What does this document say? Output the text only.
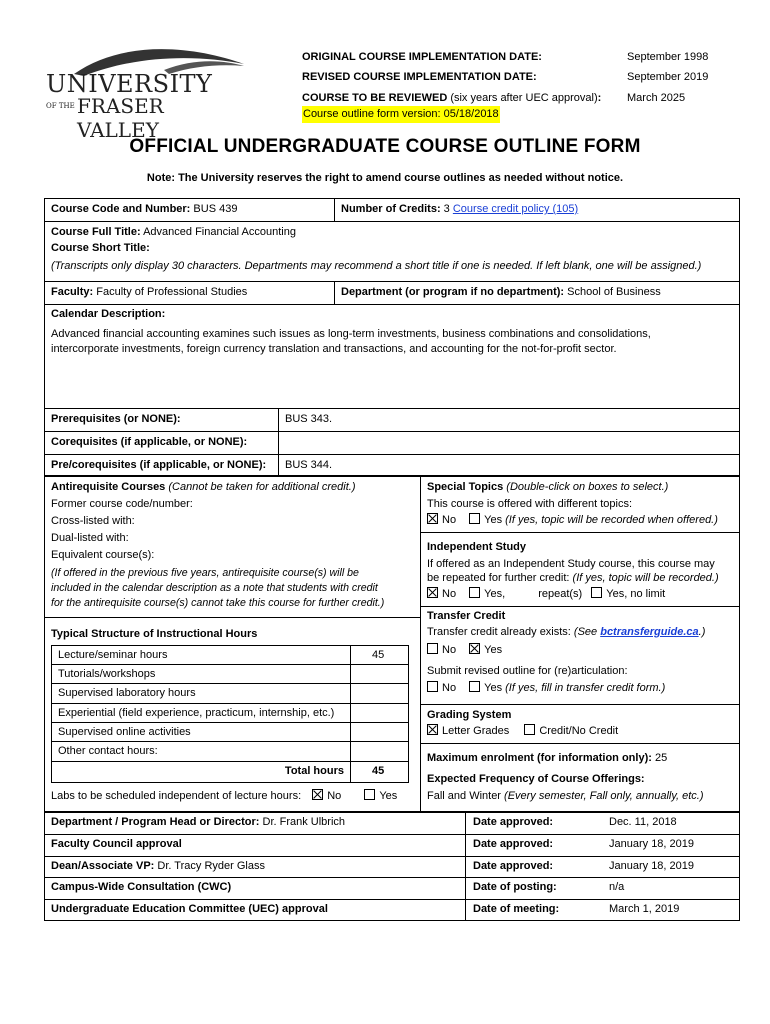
UNIVERSITY
OF THE FRASER VALLEY
ORIGINAL COURSE IMPLEMENTATION DATE:	September 1998
REVISED COURSE IMPLEMENTATION DATE:	September 2019
COURSE TO BE REVIEWED (six years after UEC approval): March 2025
Course outline form version: 05/18/2018
OFFICIAL UNDERGRADUATE COURSE OUTLINE FORM
Note: The University reserves the right to amend course outlines as needed without notice.
Course Code and Number: BUS 439	Number of Credits: 3 Course credit policy (105)
Course Full Title: Advanced Financial Accounting
Course Short Title:
(Transcripts only display 30 characters. Departments may recommend a short title if one is needed. If left blank, one will be assigned.)
Faculty: Faculty of Professional Studies	Department (or program if no department): School of Business
Calendar Description:
Advanced financial accounting examines such issues as long-term investments, business combinations and consolidations,
intercorporate investments, foreign currency translation and transactions, and accounting for the not-for-profit sector.
Prerequisites (or NONE):	BUS 343.
Corequisites (if applicable, or NONE):
Pre/corequisites (if applicable, or NONE): BUS 344.
Antirequisite Courses (Cannot be taken for additional credit.)
Former course code/number:
Cross-listed with:
Dual-listed with:
Equivalent course(s):
(If offered in the previous five years, antirequisite course(s) will be
included in the calendar description as a note that students with credit
for the antirequisite course(s) cannot take this course for further credit.)
Typical Structure of Instructional Hours
Lecture/seminar hours	45
Tutorials/workshops
Supervised laboratory hours
Experiential (field experience, practicum, internship, etc.)
Supervised online activities
Other contact hours:
Total hours	45
Labs to be scheduled independent of lecture hours: No	Yes
Special Topics (Double-click on boxes to select.)
This course is offered with different topics:
No	Yes (If yes, topic will be recorded when offered.)
Independent Study
If offered as an Independent Study course, this course may
be repeated for further credit: (If yes, topic will be recorded.)
No	Yes,	repeat(s) Yes, no limit
Transfer Credit
Transfer credit already exists: (See bctransferguide.ca.)
No	Yes
Submit revised outline for (re)articulation:
No	Yes (If yes, fill in transfer credit form.)
Grading System
Letter Grades	Credit/No Credit
Maximum enrolment (for information only): 25
Expected Frequency of Course Offerings:
Fall and Winter (Every semester, Fall only, annually, etc.)
Department / Program Head or Director: Dr. Frank Ulbrich	Date approved:	Dec. 11, 2018
Faculty Council approval	Date approved:	January 18, 2019
Dean/Associate VP: Dr. Tracy Ryder Glass	Date approved:	January 18, 2019
Campus-Wide Consultation (CWC)	Date of posting:	n/a
Undergraduate Education Committee (UEC) approval	Date of meeting:	March 1, 2019
